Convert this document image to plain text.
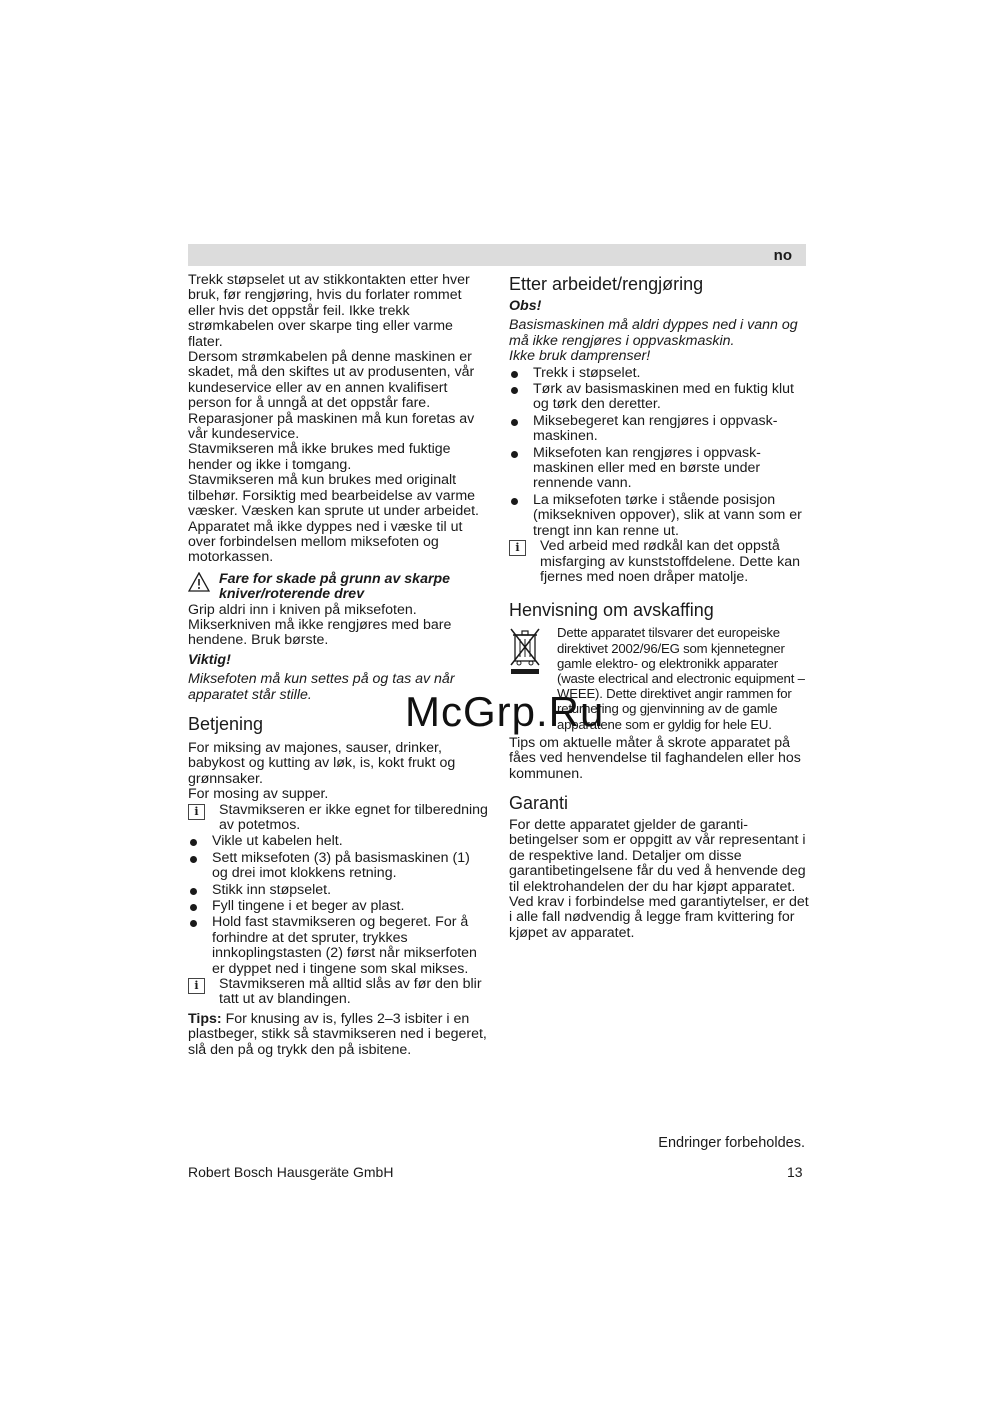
no

Trekk støpselet ut av stikkontakten etter hver bruk, før rengjøring, hvis du forlater rommet eller hvis det oppstår feil. Ikke trekk strømkabelen over skarpe ting eller varme flater.

Dersom strømkabelen på denne maskinen er skadet, må den skiftes ut av produsenten, vår kundeservice eller av en annen kvalifisert person for å unngå at det oppstår fare.

Reparasjoner på maskinen må kun foretas av vår kundeservice.

Stavmikseren må ikke brukes med fuktige hender og ikke i tomgang.

Stavmikseren må kun brukes med originalt tilbehør. Forsiktig med bearbeidelse av varme væsker. Væsken kan sprute ut under arbeidet.

Apparatet må ikke dyppes ned i væske til ut over forbindelsen mellom miksefoten og motorkassen.

Fare for skade på grunn av skarpe kniver/roterende drev

Grip aldri inn i kniven på miksefoten. Mikserkniven må ikke rengjøres med bare hendene. Bruk børste.

Viktig!

Miksefoten må kun settes på og tas av når apparatet står stille.

Betjening

For miksing av majones, sauser, drinker, babykost og kutting av løk, is, kokt frukt og grønnsaker.

For mosing av supper.

i	Stavmikseren er ikke egnet for tilberedning av potetmos.

Vikle ut kabelen helt.
Sett miksefoten (3) på basismaskinen (1) og drei imot klokkens retning.
Stikk inn støpselet.
Fyll tingene i et beger av plast.
Hold fast stavmikseren og begeret. For å forhindre at det spruter, trykkes innkoplingstasten (2) først når mikserfoten er dyppet ned i tingene som skal mikses.
i	Stavmikseren må alltid slås av før den blir tatt ut av blandingen.

Tips: For knusing av is, fylles 2–3 isbiter i en plastbeger, stikk så stavmikseren ned i begeret, slå den på og trykk den på isbitene.

Etter arbeidet/rengjøring

Obs!

Basismaskinen må aldri dyppes ned i vann og må ikke rengjøres i oppvaskmaskin.

Ikke bruk damprenser!

Trekk i støpselet.
Tørk av basismaskinen med en fuktig klut og tørk den deretter.
Miksebegeret kan rengjøres i oppvask-maskinen.
Miksefoten kan rengjøres i oppvask-maskinen eller med en børste under rennende vann.
La miksefoten tørke i stående posisjon (miksekniven oppover), slik at vann som er trengt inn kan renne ut.
i	Ved arbeid med rødkål kan det oppstå misfarging av kunststoffdelene. Dette kan fjernes med noen dråper matolje.

Henvisning om avskaffing

Dette apparatet tilsvarer det europeiske direktivet 2002/96/EG som kjennetegner gamle elektro- og elektronikk apparater (waste electrical and electronic equipment – WEEE). Dette direktivet angir rammen for returnering og gjenvinning av de gamle apparatene som er gyldig for hele EU.

Tips om aktuelle måter å skrote apparatet på fåes ved henvendelse til faghandelen eller hos kommunen.

Garanti

For dette apparatet gjelder de garanti-betingelser som er oppgitt av vår representant i de respektive land. Detaljer om disse garantibetingelsene får du ved å henvende deg til elektrohandelen der du har kjøpt apparatet. Ved krav i forbindelse med garantiytelser, er det i alle fall nødvendig å legge fram kvittering for kjøpet av apparatet.

McGrp.Ru
Endringer forbeholdes.
Robert Bosch Hausgeräte GmbH	13
